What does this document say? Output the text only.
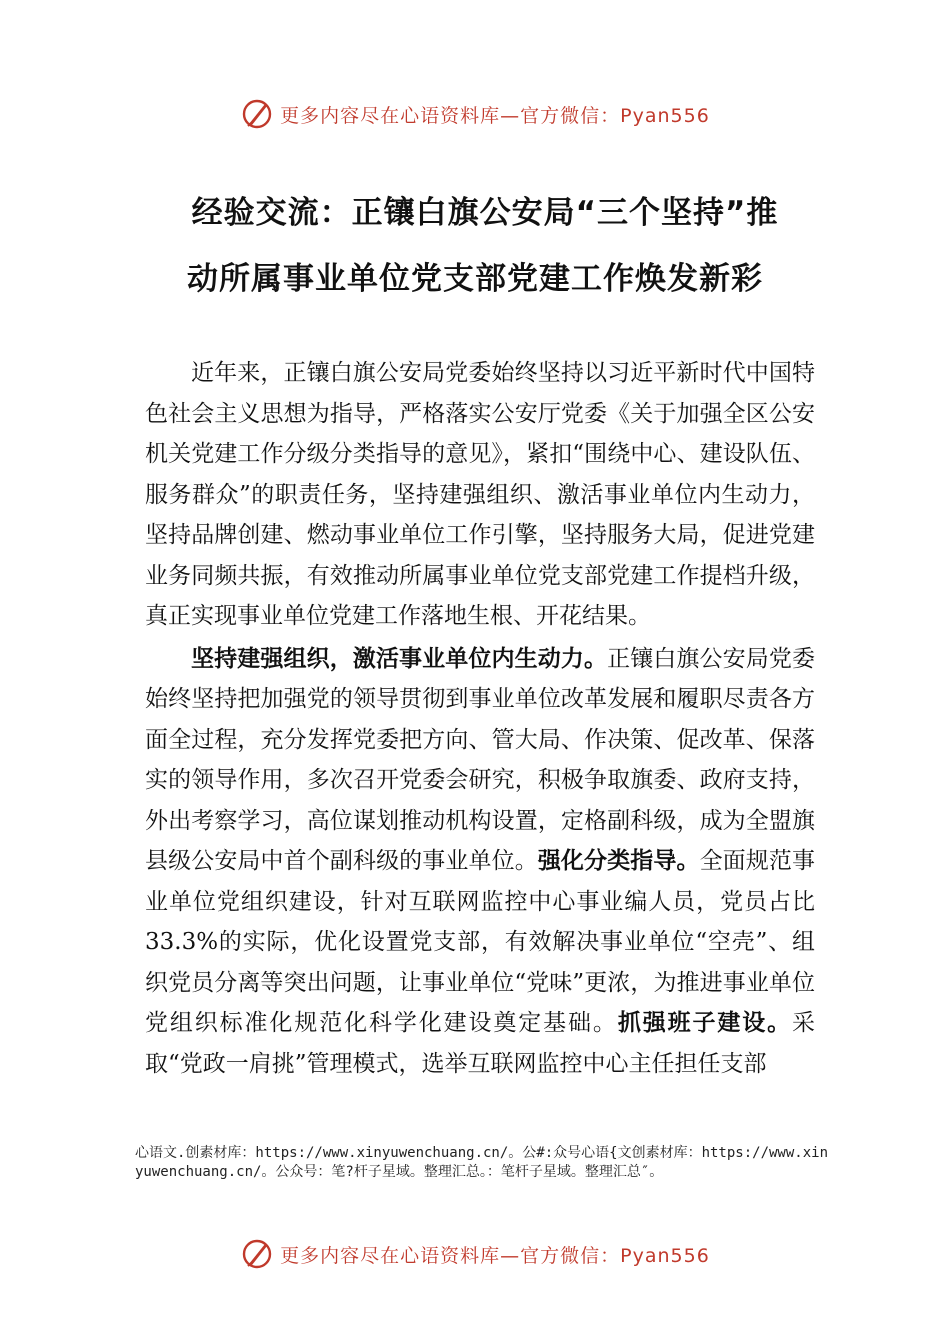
更多内容尽在心语资料库—官方微信：Pyan556
经验交流：正镶白旗公安局“三个坚持”推
动所属事业单位党支部党建工作焕发新彩

近年来，正镶白旗公安局党委始终坚持以习近平新时代中国特色社会主义思想为指导，严格落实公安厅党委《关于加强全区公安机关党建工作分级分类指导的意见》，紧扣“围绕中心、建设队伍、服务群众”的职责任务，坚持建强组织、激活事业单位内生动力，坚持品牌创建、燃动事业单位工作引擎，坚持服务大局，促进党建业务同频共振，有效推动所属事业单位党支部党建工作提档升级，真正实现事业单位党建工作落地生根、开花结果。

坚持建强组织，激活事业单位内生动力。正镶白旗公安局党委始终坚持把加强党的领导贯彻到事业单位改革发展和履职尽责各方面全过程，充分发挥党委把方向、管大局、作决策、促改革、保落实的领导作用，多次召开党委会研究，积极争取旗委、政府支持，外出考察学习，高位谋划推动机构设置，定格副科级，成为全盟旗县级公安局中首个副科级的事业单位。强化分类指导。全面规范事业单位党组织建设，针对互联网监控中心事业编人员，党员占比 33.3%的实际，优化设置党支部，有效解决事业单位“空壳”、组织党员分离等突出问题，让事业单位“党味”更浓，为推进事业单位党组织标准化规范化科学化建设奠定基础。抓强班子建设。采取“党政一肩挑”管理模式，选举互联网监控中心主任担任支部

心语文.创素材库：https://www.xinyuwenchuang.cn/。公#:众号心语{文创素材库：https://www.xinyuwenchuang.cn/。公众号：笔?杆子星域。整理汇总。：笔杆子星域。整理汇总″。
更多内容尽在心语资料库—官方微信：Pyan556
